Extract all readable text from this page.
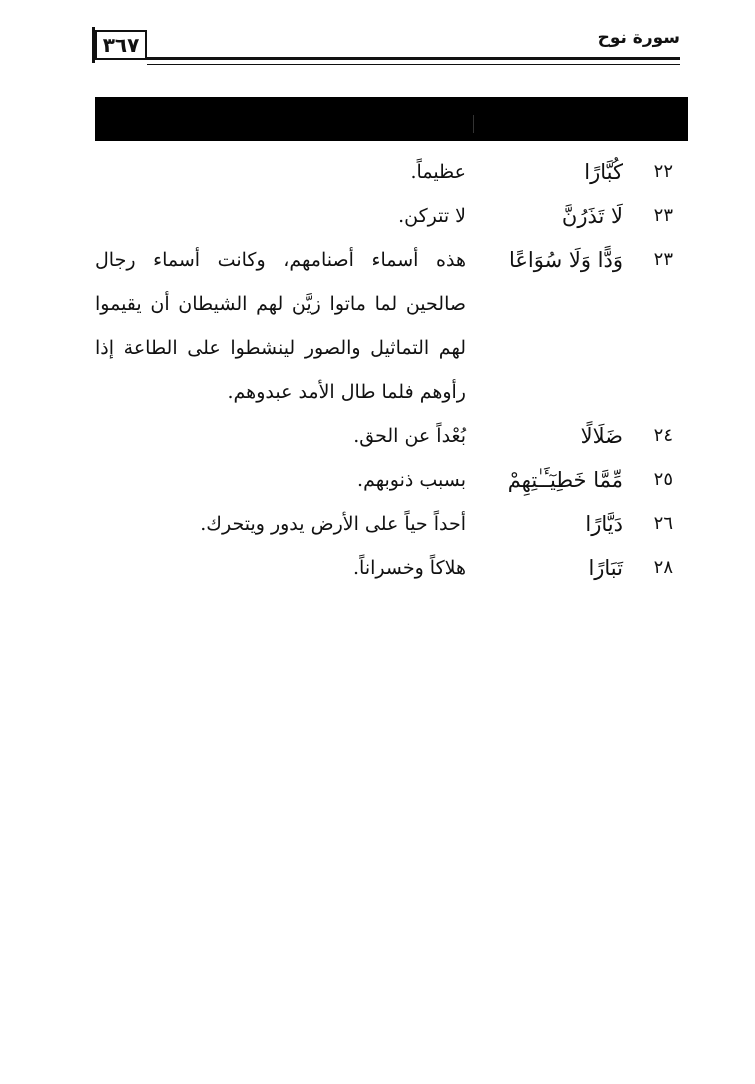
٣٦٧	سورة نوح
٢٢
كُبَّارًا
عظيماً.
٢٣
لَا تَذَرُنَّ
لا تتركن.
٢٣
وَدًّا وَلَا سُوَاعًا
هذه أسماء أصنامهم، وكانت أسماء رجال صالحين لما ماتوا زيَّن لهم الشيطان أن يقيموا لهم التماثيل والصور لينشطوا على الطاعة إذا رأوهم فلما طال الأمد عبدوهم.
٢٤
ضَلَالًا
بُعْداً عن الحق.
٢٥
مِّمَّا خَطِيٓـَٔـٰتِهِمْ
بسبب ذنوبهم.
٢٦
دَيَّارًا
أحداً حياً على الأرض يدور ويتحرك.
٢٨
تَبَارًا
هلاكاً وخسراناً.
